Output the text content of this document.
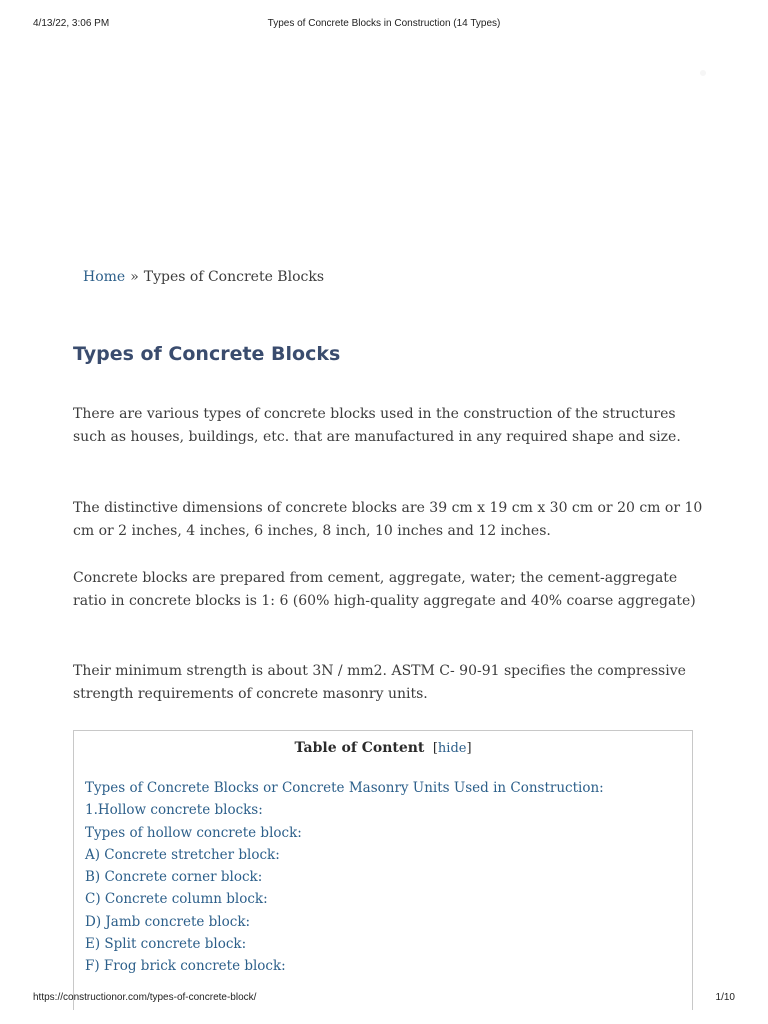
4/13/22, 3:06 PM	Types of Concrete Blocks in Construction (14 Types)
Home » Types of Concrete Blocks
Types of Concrete Blocks

There are various types of concrete blocks used in the construction of the structures such as houses, buildings, etc. that are manufactured in any required shape and size.

The distinctive dimensions of concrete blocks are 39 cm x 19 cm x 30 cm or 20 cm or 10 cm or 2 inches, 4 inches, 6 inches, 8 inch, 10 inches and 12 inches.

Concrete blocks are prepared from cement, aggregate, water; the cement-aggregate ratio in concrete blocks is 1: 6 (60% high-quality aggregate and 40% coarse aggregate)

Their minimum strength is about 3N / mm2. ASTM C- 90-91 specifies the compressive strength requirements of concrete masonry units.

Table of Content [hide]
Types of Concrete Blocks or Concrete Masonry Units Used in Construction:
1.Hollow concrete blocks:
Types of hollow concrete block:
A) Concrete stretcher block:
B) Concrete corner block:
C) Concrete column block:
D) Jamb concrete block:
E) Split concrete block:
F) Frog brick concrete block:
https://constructionor.com/types-of-concrete-block/	1/10
